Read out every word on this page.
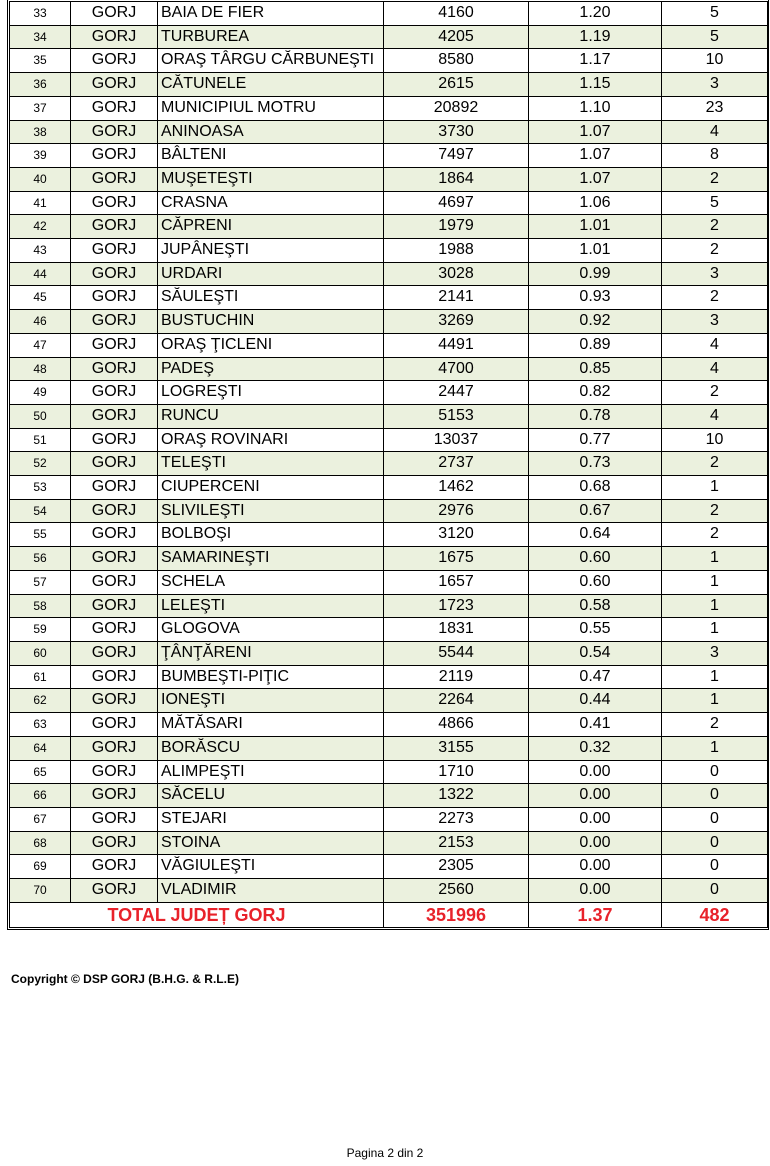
33	GORJ	BAIA DE FIER	4160	1.20	5
34	GORJ	TURBUREA	4205	1.19	5
35	GORJ	ORAŞ TÂRGU CĂRBUNEŞTI	8580	1.17	10
36	GORJ	CĂTUNELE	2615	1.15	3
37	GORJ	MUNICIPIUL MOTRU	20892	1.10	23
38	GORJ	ANINOASA	3730	1.07	4
39	GORJ	BÂLTENI	7497	1.07	8
40	GORJ	MUŞETEŞTI	1864	1.07	2
41	GORJ	CRASNA	4697	1.06	5
42	GORJ	CĂPRENI	1979	1.01	2
43	GORJ	JUPÂNEŞTI	1988	1.01	2
44	GORJ	URDARI	3028	0.99	3
45	GORJ	SĂULEŞTI	2141	0.93	2
46	GORJ	BUSTUCHIN	3269	0.92	3
47	GORJ	ORAŞ ŢICLENI	4491	0.89	4
48	GORJ	PADEŞ	4700	0.85	4
49	GORJ	LOGREŞTI	2447	0.82	2
50	GORJ	RUNCU	5153	0.78	4
51	GORJ	ORAŞ ROVINARI	13037	0.77	10
52	GORJ	TELEŞTI	2737	0.73	2
53	GORJ	CIUPERCENI	1462	0.68	1
54	GORJ	SLIVILEŞTI	2976	0.67	2
55	GORJ	BOLBOŞI	3120	0.64	2
56	GORJ	SAMARINEŞTI	1675	0.60	1
57	GORJ	SCHELA	1657	0.60	1
58	GORJ	LELEŞTI	1723	0.58	1
59	GORJ	GLOGOVA	1831	0.55	1
60	GORJ	ŢÂNŢĂRENI	5544	0.54	3
61	GORJ	BUMBEŞTI-PIŢIC	2119	0.47	1
62	GORJ	IONEŞTI	2264	0.44	1
63	GORJ	MĂTĂSARI	4866	0.41	2
64	GORJ	BORĂSCU	3155	0.32	1
65	GORJ	ALIMPEŞTI	1710	0.00	0
66	GORJ	SĂCELU	1322	0.00	0
67	GORJ	STEJARI	2273	0.00	0
68	GORJ	STOINA	2153	0.00	0
69	GORJ	VĂGIULEŞTI	2305	0.00	0
70	GORJ	VLADIMIR	2560	0.00	0
TOTAL JUDEȚ GORJ			351996	1.37	482
Copyright © DSP GORJ (B.H.G. & R.L.E)
Pagina 2 din 2
